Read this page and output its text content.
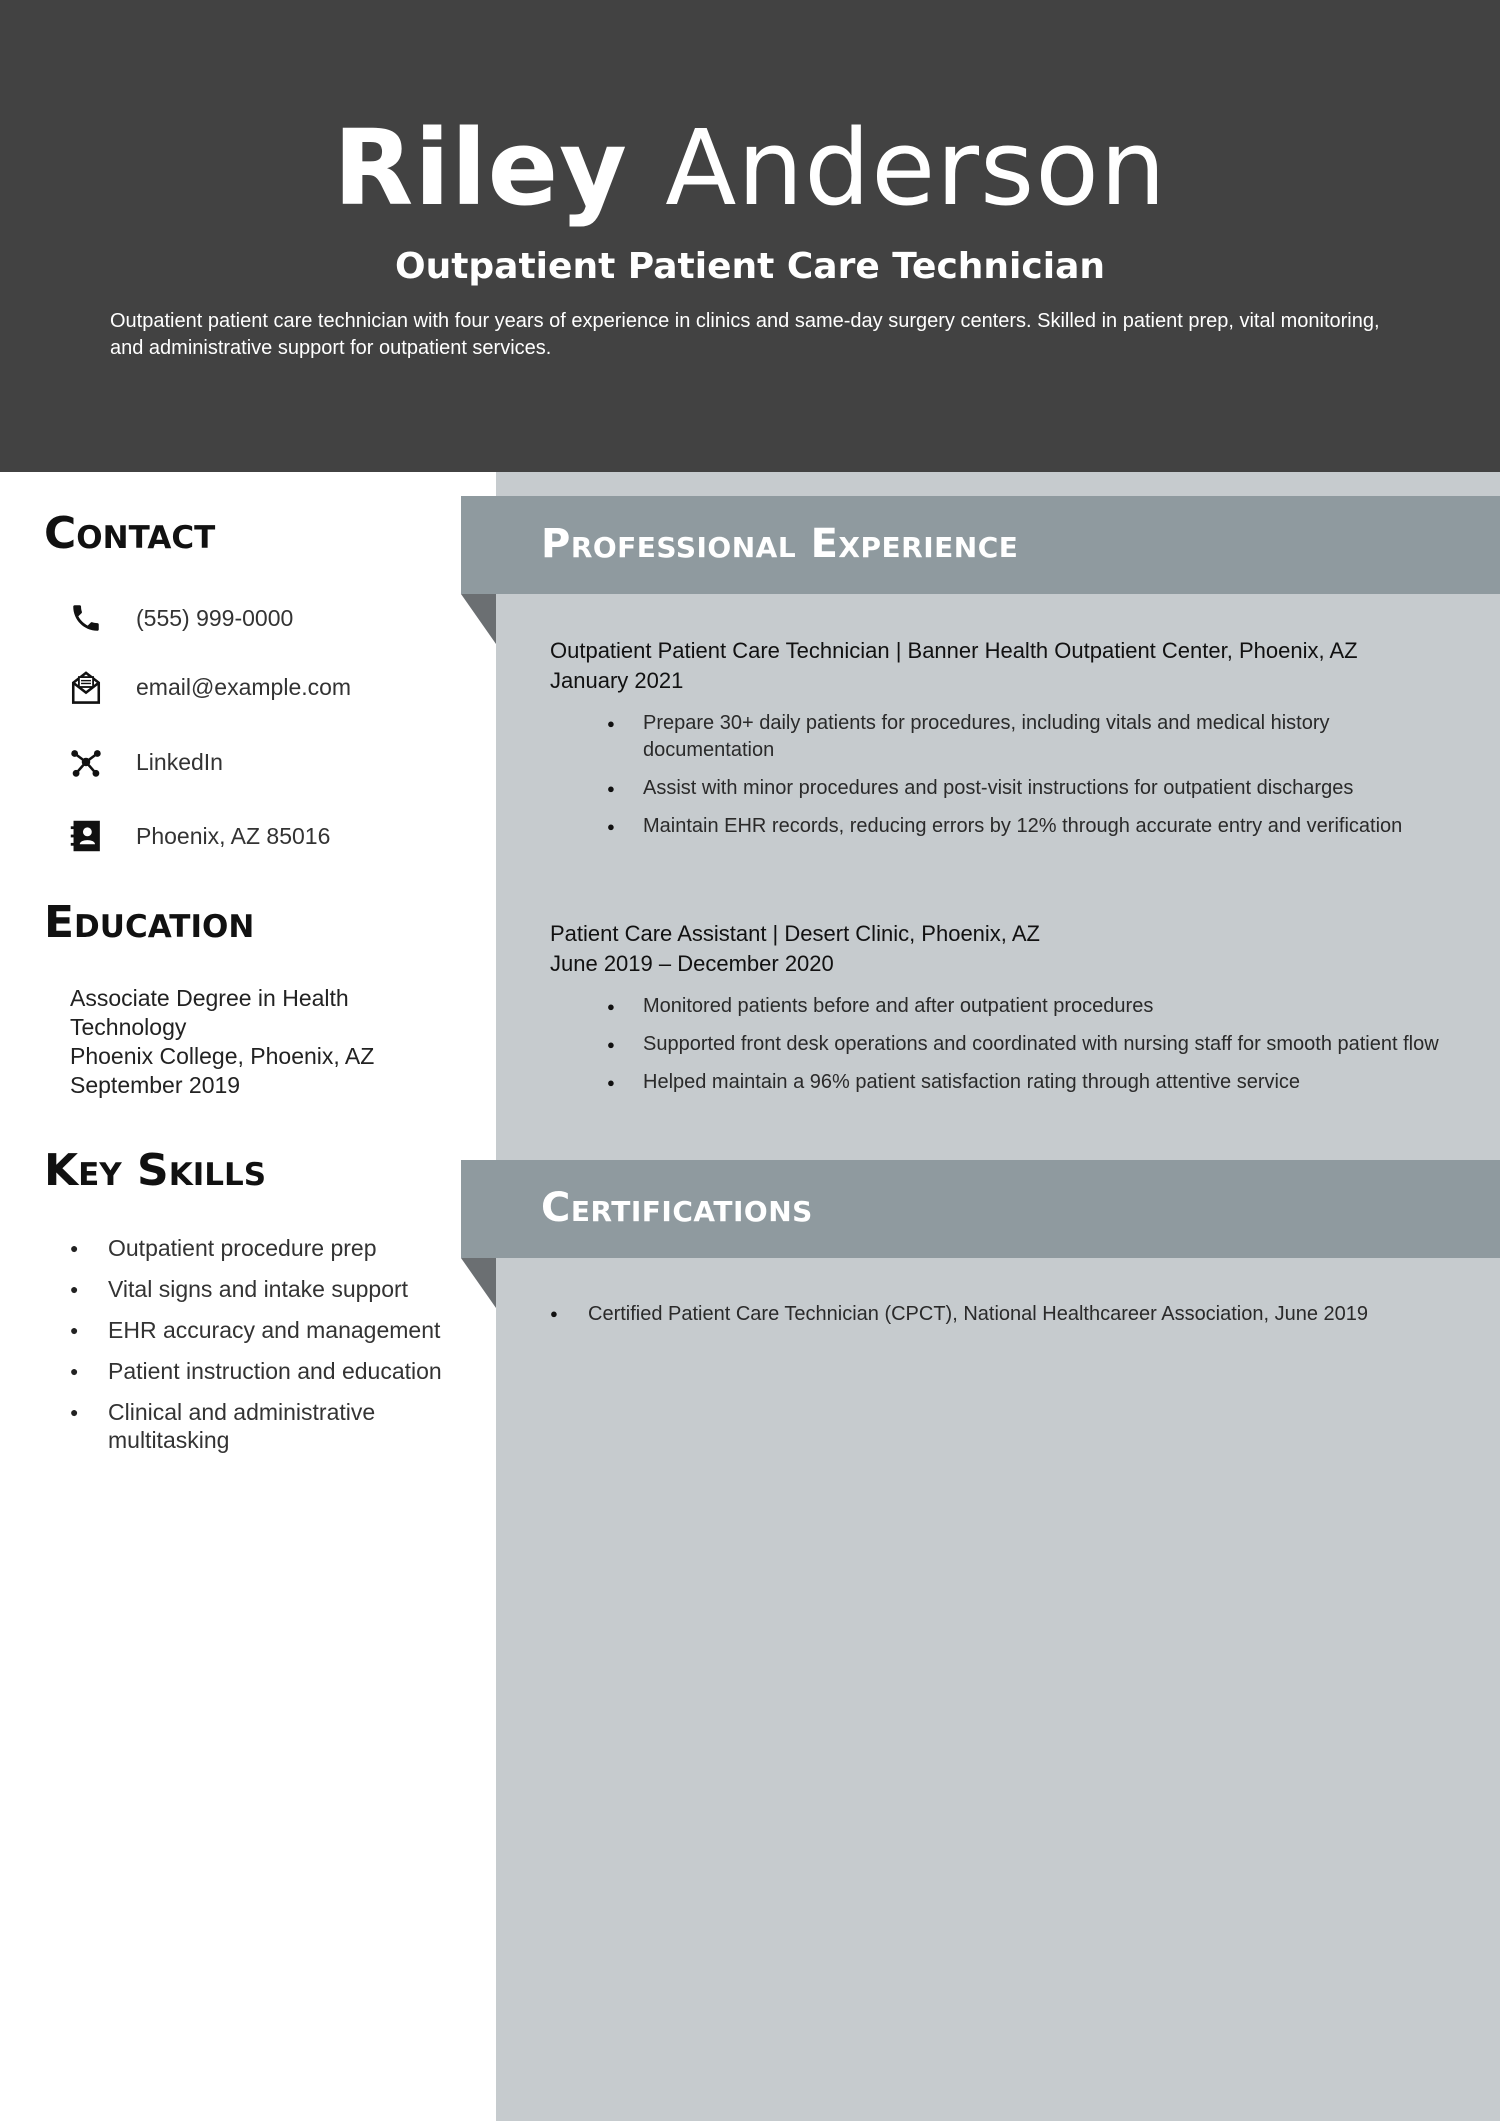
Riley Anderson
Outpatient Patient Care Technician

Outpatient patient care technician with four years of experience in clinics and same-day surgery centers. Skilled in patient prep, vital monitoring, and administrative support for outpatient services.

Contact
(555) 999-0000
email@example.com
LinkedIn
Phoenix, AZ 85016
Education
Associate Degree in Health Technology
Phoenix College, Phoenix, AZ
September 2019
Key Skills
● Outpatient procedure prep
● Vital signs and intake support
● EHR accuracy and management
● Patient instruction and education
● Clinical and administrative multitasking
Professional Experience
Outpatient Patient Care Technician | Banner Health Outpatient Center, Phoenix, AZ
January 2021
● Prepare 30+ daily patients for procedures, including vitals and medical history documentation
● Assist with minor procedures and post-visit instructions for outpatient discharges
● Maintain EHR records, reducing errors by 12% through accurate entry and verification
Patient Care Assistant | Desert Clinic, Phoenix, AZ
June 2019 – December 2020
● Monitored patients before and after outpatient procedures
● Supported front desk operations and coordinated with nursing staff for smooth patient flow
● Helped maintain a 96% patient satisfaction rating through attentive service
Certifications
● Certified Patient Care Technician (CPCT), National Healthcareer Association, June 2019
